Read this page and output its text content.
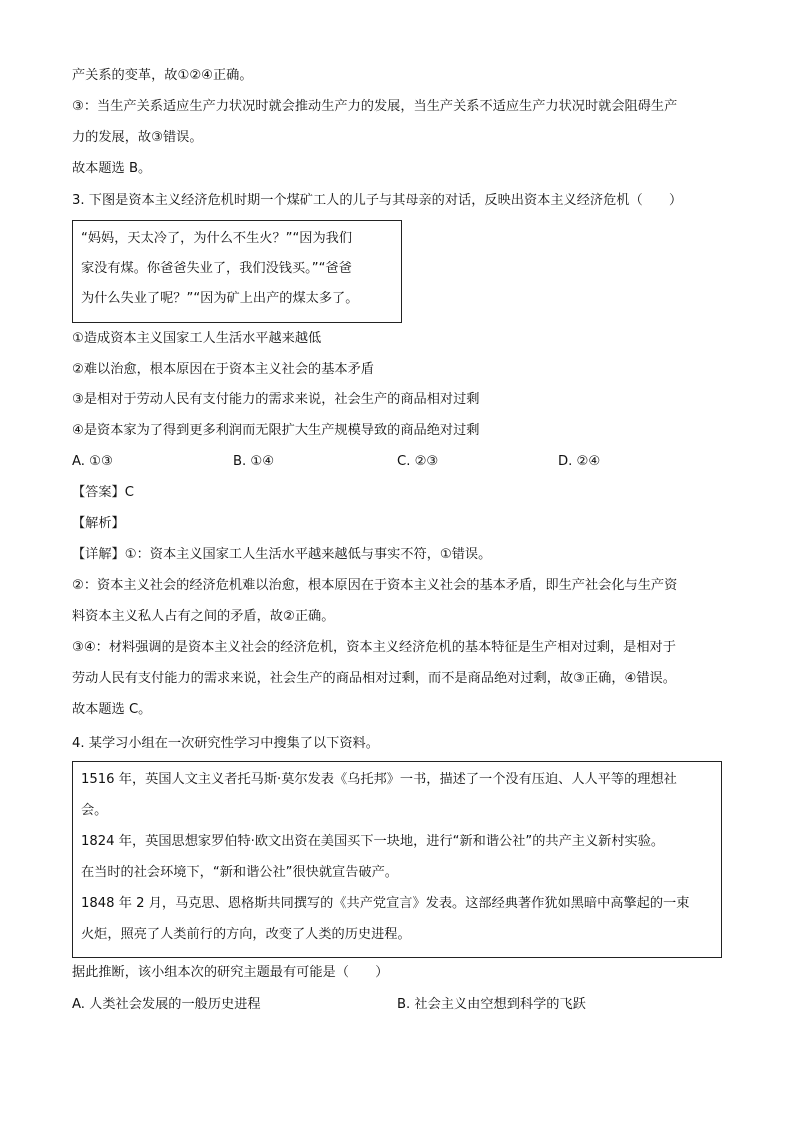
产关系的变革，故①②④正确。
③：当生产关系适应生产力状况时就会推动生产力的发展，当生产关系不适应生产力状况时就会阻碍生产
力的发展，故③错误。
故本题选 B。
3. 下图是资本主义经济危机时期一个煤矿工人的儿子与其母亲的对话，反映出资本主义经济危机（　　）
“妈妈，天太冷了，为什么不生火？”“因为我们
家没有煤。你爸爸失业了，我们没钱买。”“爸爸
为什么失业了呢？”“因为矿上出产的煤太多了。
①造成资本主义国家工人生活水平越来越低
②难以治愈，根本原因在于资本主义社会的基本矛盾
③是相对于劳动人民有支付能力的需求来说，社会生产的商品相对过剩
④是资本家为了得到更多利润而无限扩大生产规模导致的商品绝对过剩
A. ①③	B. ①④	C. ②③	D. ②④
【答案】C
【解析】
【详解】①：资本主义国家工人生活水平越来越低与事实不符，①错误。
②：资本主义社会的经济危机难以治愈，根本原因在于资本主义社会的基本矛盾，即生产社会化与生产资
料资本主义私人占有之间的矛盾，故②正确。
③④：材料强调的是资本主义社会的经济危机，资本主义经济危机的基本特征是生产相对过剩，是相对于
劳动人民有支付能力的需求来说，社会生产的商品相对过剩，而不是商品绝对过剩，故③正确，④错误。
故本题选 C。
4. 某学习小组在一次研究性学习中搜集了以下资料。
1516 年，英国人文主义者托马斯·莫尔发表《乌托邦》一书，描述了一个没有压迫、人人平等的理想社
会。
1824 年，英国思想家罗伯特·欧文出资在美国买下一块地，进行“新和谐公社”的共产主义新村实验。
在当时的社会环境下，“新和谐公社”很快就宣告破产。
1848 年 2 月，马克思、恩格斯共同撰写的《共产党宣言》发表。这部经典著作犹如黑暗中高擎起的一束
火炬，照亮了人类前行的方向，改变了人类的历史进程。
据此推断，该小组本次的研究主题最有可能是（　　）
A. 人类社会发展的一般历史进程	B. 社会主义由空想到科学的飞跃
